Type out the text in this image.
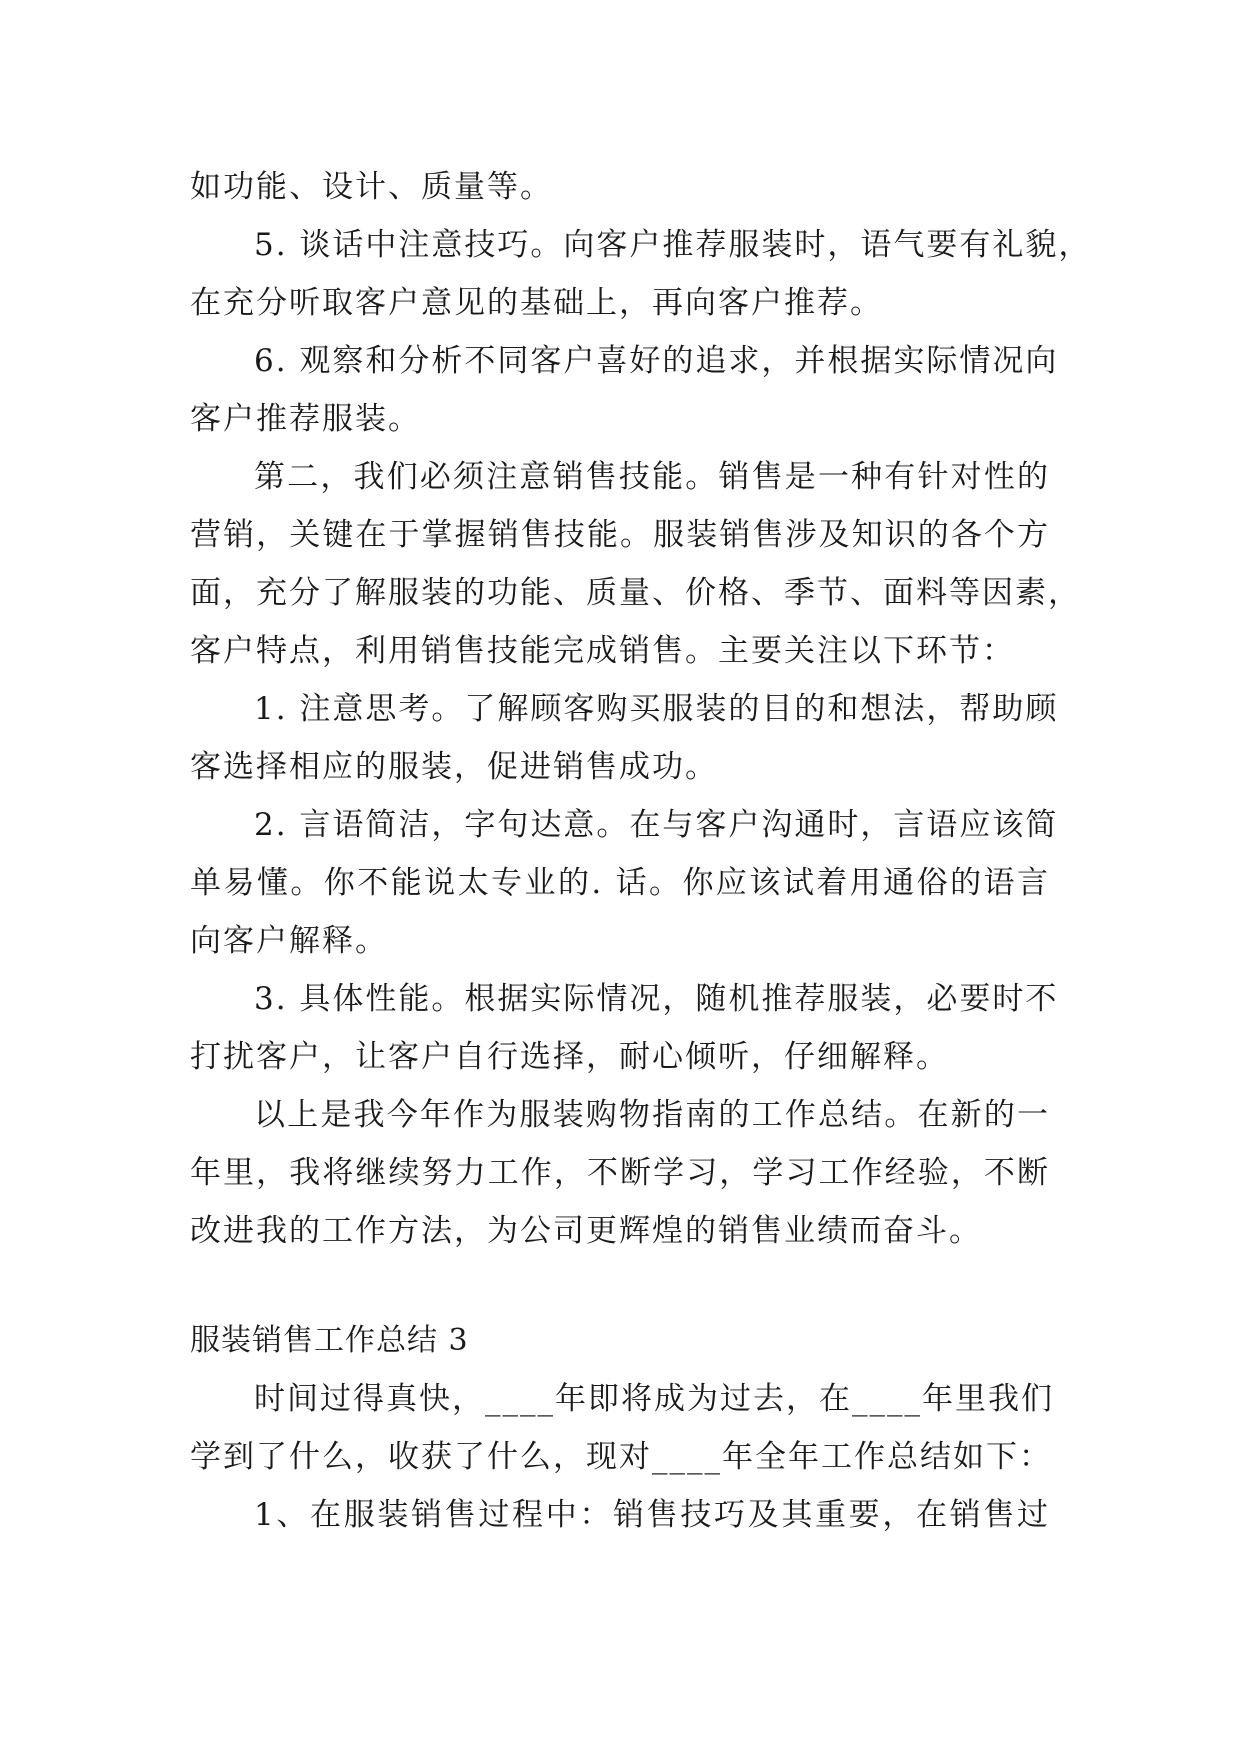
如功能、设计、质量等。
5. 谈话中注意技巧。向客户推荐服装时，语气要有礼貌，
在充分听取客户意见的基础上，再向客户推荐。
6. 观察和分析不同客户喜好的追求，并根据实际情况向
客户推荐服装。
第二，我们必须注意销售技能。销售是一种有针对性的
营销，关键在于掌握销售技能。服装销售涉及知识的各个方
面，充分了解服装的功能、质量、价格、季节、面料等因素，
客户特点，利用销售技能完成销售。主要关注以下环节：
1. 注意思考。了解顾客购买服装的目的和想法，帮助顾
客选择相应的服装，促进销售成功。
2. 言语简洁，字句达意。在与客户沟通时，言语应该简
单易懂。你不能说太专业的. 话。你应该试着用通俗的语言
向客户解释。
3. 具体性能。根据实际情况，随机推荐服装，必要时不
打扰客户，让客户自行选择，耐心倾听，仔细解释。
以上是我今年作为服装购物指南的工作总结。在新的一
年里，我将继续努力工作，不断学习，学习工作经验，不断
改进我的工作方法，为公司更辉煌的销售业绩而奋斗。
服装销售工作总结 3
时间过得真快，____年即将成为过去，在____年里我们
学到了什么，收获了什么，现对____年全年工作总结如下：
1、在服装销售过程中：销售技巧及其重要，在销售过
